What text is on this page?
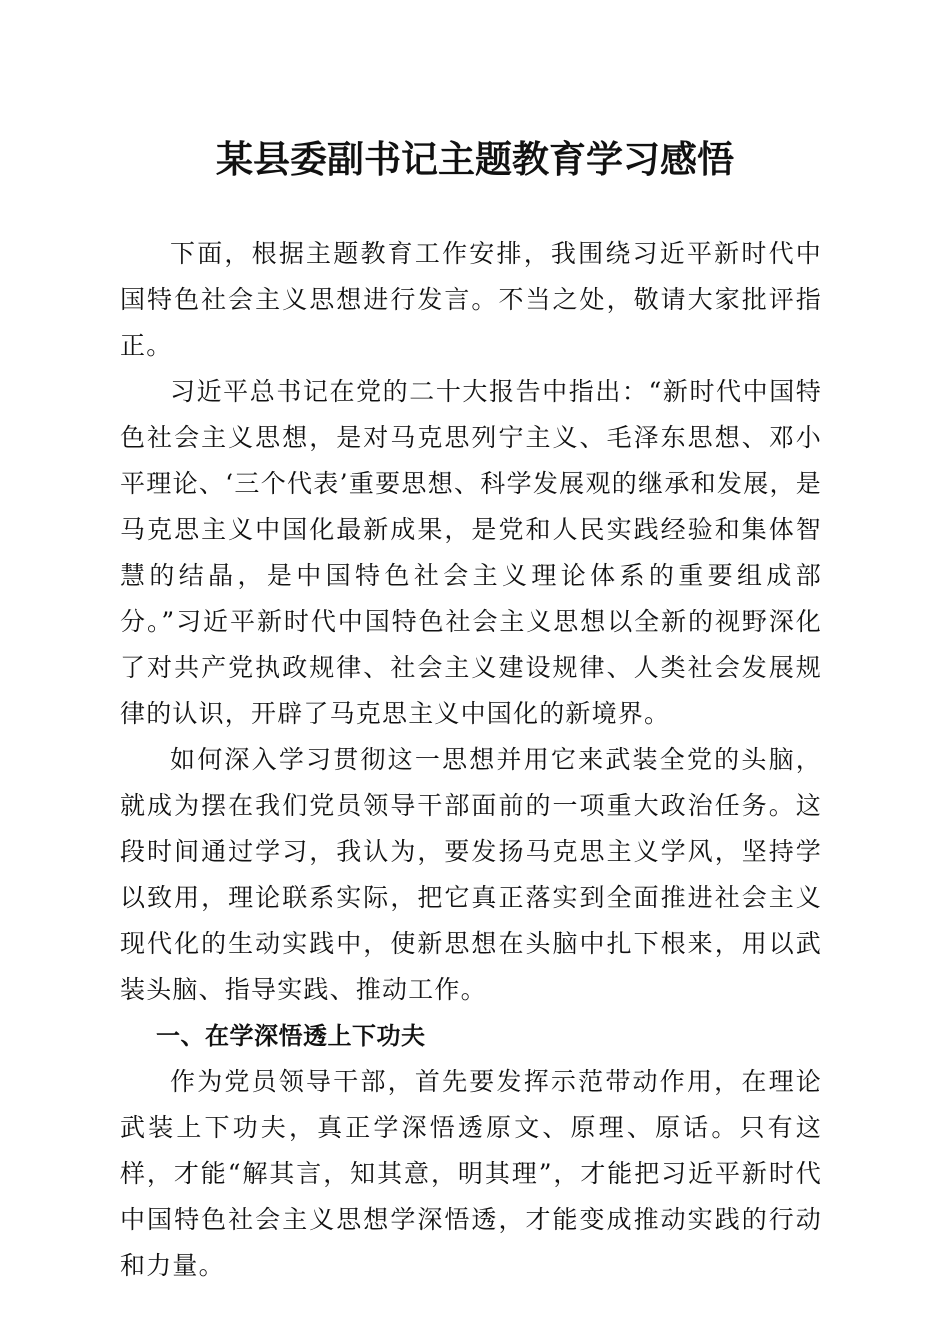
某县委副书记主题教育学习感悟

下面，根据主题教育工作安排，我围绕习近平新时代中国特色社会主义思想进行发言。不当之处，敬请大家批评指正。

习近平总书记在党的二十大报告中指出：“新时代中国特色社会主义思想，是对马克思列宁主义、毛泽东思想、邓小平理论、‘三个代表’重要思想、科学发展观的继承和发展，是马克思主义中国化最新成果，是党和人民实践经验和集体智慧的结晶，是中国特色社会主义理论体系的重要组成部分。”习近平新时代中国特色社会主义思想以全新的视野深化了对共产党执政规律、社会主义建设规律、人类社会发展规律的认识，开辟了马克思主义中国化的新境界。

如何深入学习贯彻这一思想并用它来武装全党的头脑，就成为摆在我们党员领导干部面前的一项重大政治任务。这段时间通过学习，我认为，要发扬马克思主义学风，坚持学以致用，理论联系实际，把它真正落实到全面推进社会主义现代化的生动实践中，使新思想在头脑中扎下根来，用以武装头脑、指导实践、推动工作。

一、在学深悟透上下功夫

作为党员领导干部，首先要发挥示范带动作用，在理论武装上下功夫，真正学深悟透原文、原理、原话。只有这样，才能“解其言，知其意，明其理”，才能把习近平新时代中国特色社会主义思想学深悟透，才能变成推动实践的行动和力量。
